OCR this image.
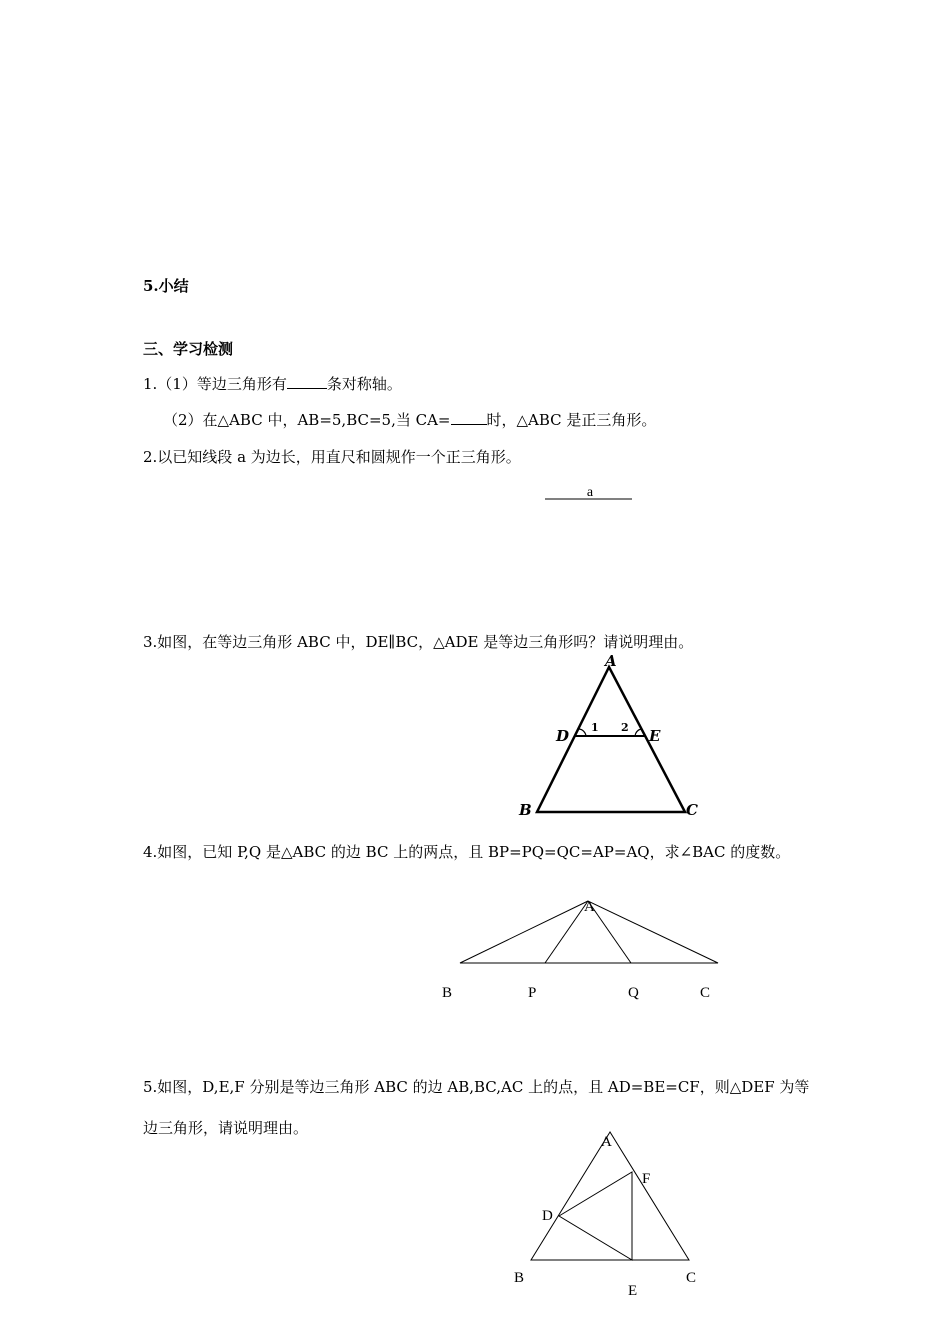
5.小结
三、学习检测
1.（1）等边三角形有	条对称轴。
（2）在△ABC 中，AB=5,BC=5,当 CA= 时，△ABC 是正三角形。
2.以已知线段 a 为边长，用直尺和圆规作一个正三角形。
a
3.如图，在等边三角形 ABC 中，DE∥BC，△ADE 是等边三角形吗？请说明理由。
A
D	E
B	C
1 2
4.如图，已知 P,Q 是△ABC 的边 BC 上的两点，且 BP=PQ=QC=AP=AQ，求∠BAC 的度数。
A
B	P	Q	C
5.如图，D,E,F 分别是等边三角形 ABC 的边 AB,BC,AC 上的点，且 AD=BE=CF，则△DEF 为等
边三角形，请说明理由。
A
F
D
B	C
E
